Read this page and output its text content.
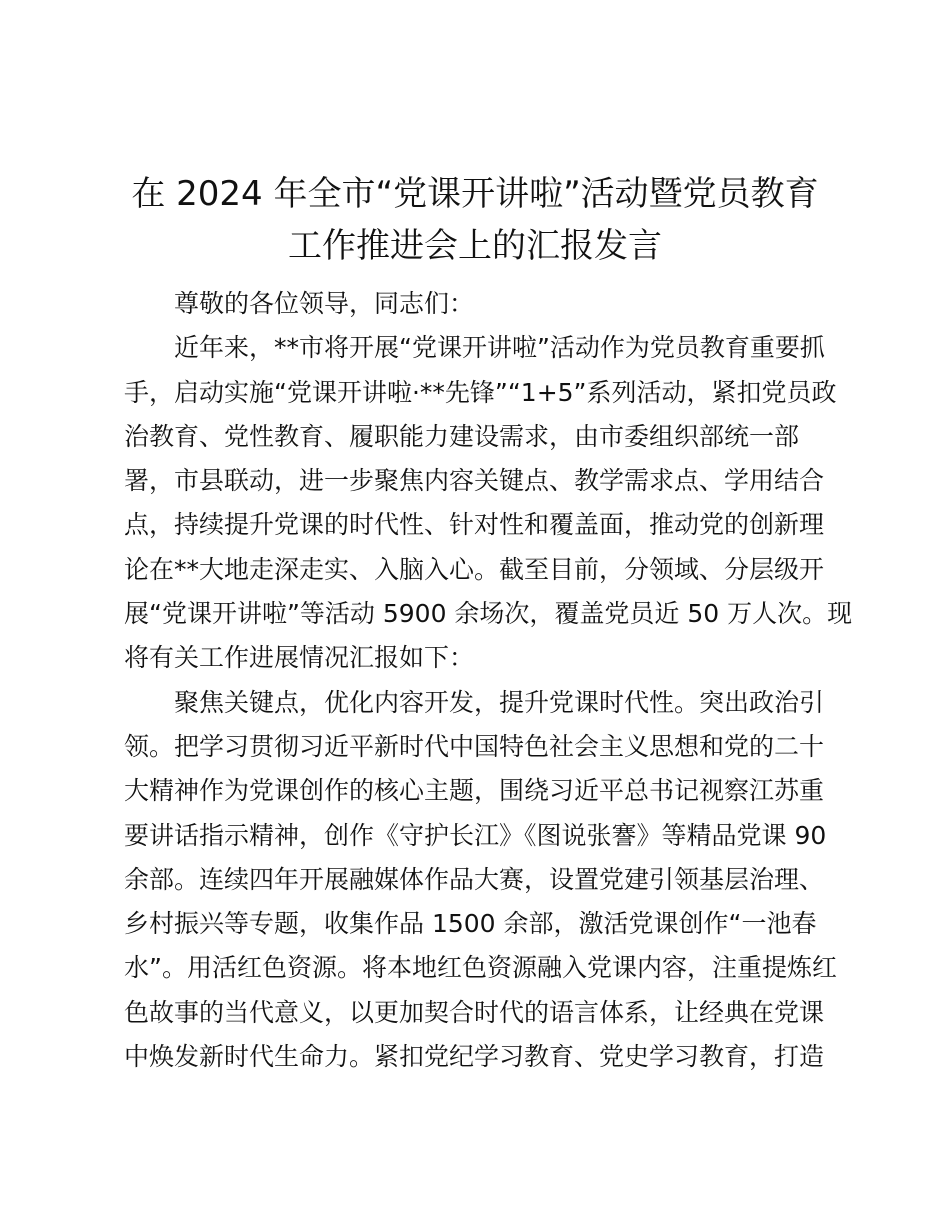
在 2024 年全市“党课开讲啦”活动暨党员教育
工作推进会上的汇报发言
尊敬的各位领导，同志们：
近年来，**市将开展“党课开讲啦”活动作为党员教育重要抓
手，启动实施“党课开讲啦·**先锋”“1+5”系列活动，紧扣党员政
治教育、党性教育、履职能力建设需求，由市委组织部统一部
署，市县联动，进一步聚焦内容关键点、教学需求点、学用结合
点，持续提升党课的时代性、针对性和覆盖面，推动党的创新理
论在**大地走深走实、入脑入心。截至目前，分领域、分层级开
展“党课开讲啦”等活动 5900 余场次，覆盖党员近 50 万人次。现
将有关工作进展情况汇报如下：
聚焦关键点，优化内容开发，提升党课时代性。突出政治引
领。把学习贯彻习近平新时代中国特色社会主义思想和党的二十
大精神作为党课创作的核心主题，围绕习近平总书记视察江苏重
要讲话指示精神，创作《守护长江》《图说张謇》等精品党课 90
余部。连续四年开展融媒体作品大赛，设置党建引领基层治理、
乡村振兴等专题，收集作品 1500 余部，激活党课创作“一池春
水”。用活红色资源。将本地红色资源融入党课内容，注重提炼红
色故事的当代意义，以更加契合时代的语言体系，让经典在党课
中焕发新时代生命力。紧扣党纪学习教育、党史学习教育，打造
